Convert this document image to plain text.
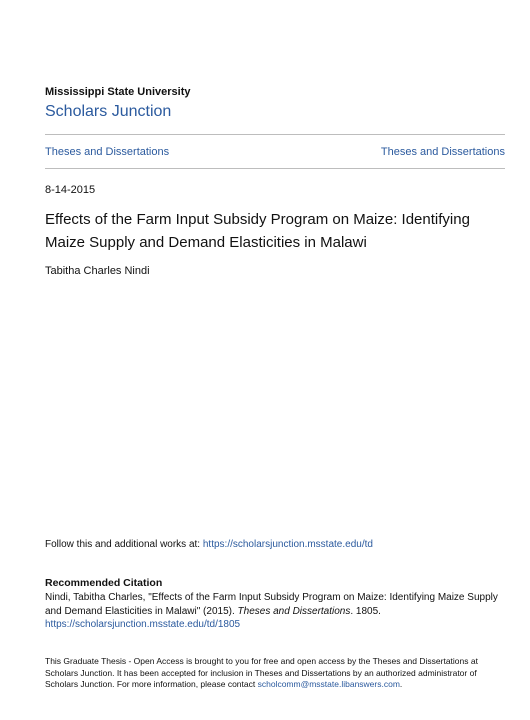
Mississippi State University
Scholars Junction
Theses and Dissertations	Theses and Dissertations
8-14-2015
Effects of the Farm Input Subsidy Program on Maize: Identifying Maize Supply and Demand Elasticities in Malawi
Tabitha Charles Nindi
Follow this and additional works at: https://scholarsjunction.msstate.edu/td
Recommended Citation
Nindi, Tabitha Charles, "Effects of the Farm Input Subsidy Program on Maize: Identifying Maize Supply and Demand Elasticities in Malawi" (2015). Theses and Dissertations. 1805.
https://scholarsjunction.msstate.edu/td/1805
This Graduate Thesis - Open Access is brought to you for free and open access by the Theses and Dissertations at Scholars Junction. It has been accepted for inclusion in Theses and Dissertations by an authorized administrator of Scholars Junction. For more information, please contact scholcomm@msstate.libanswers.com.
